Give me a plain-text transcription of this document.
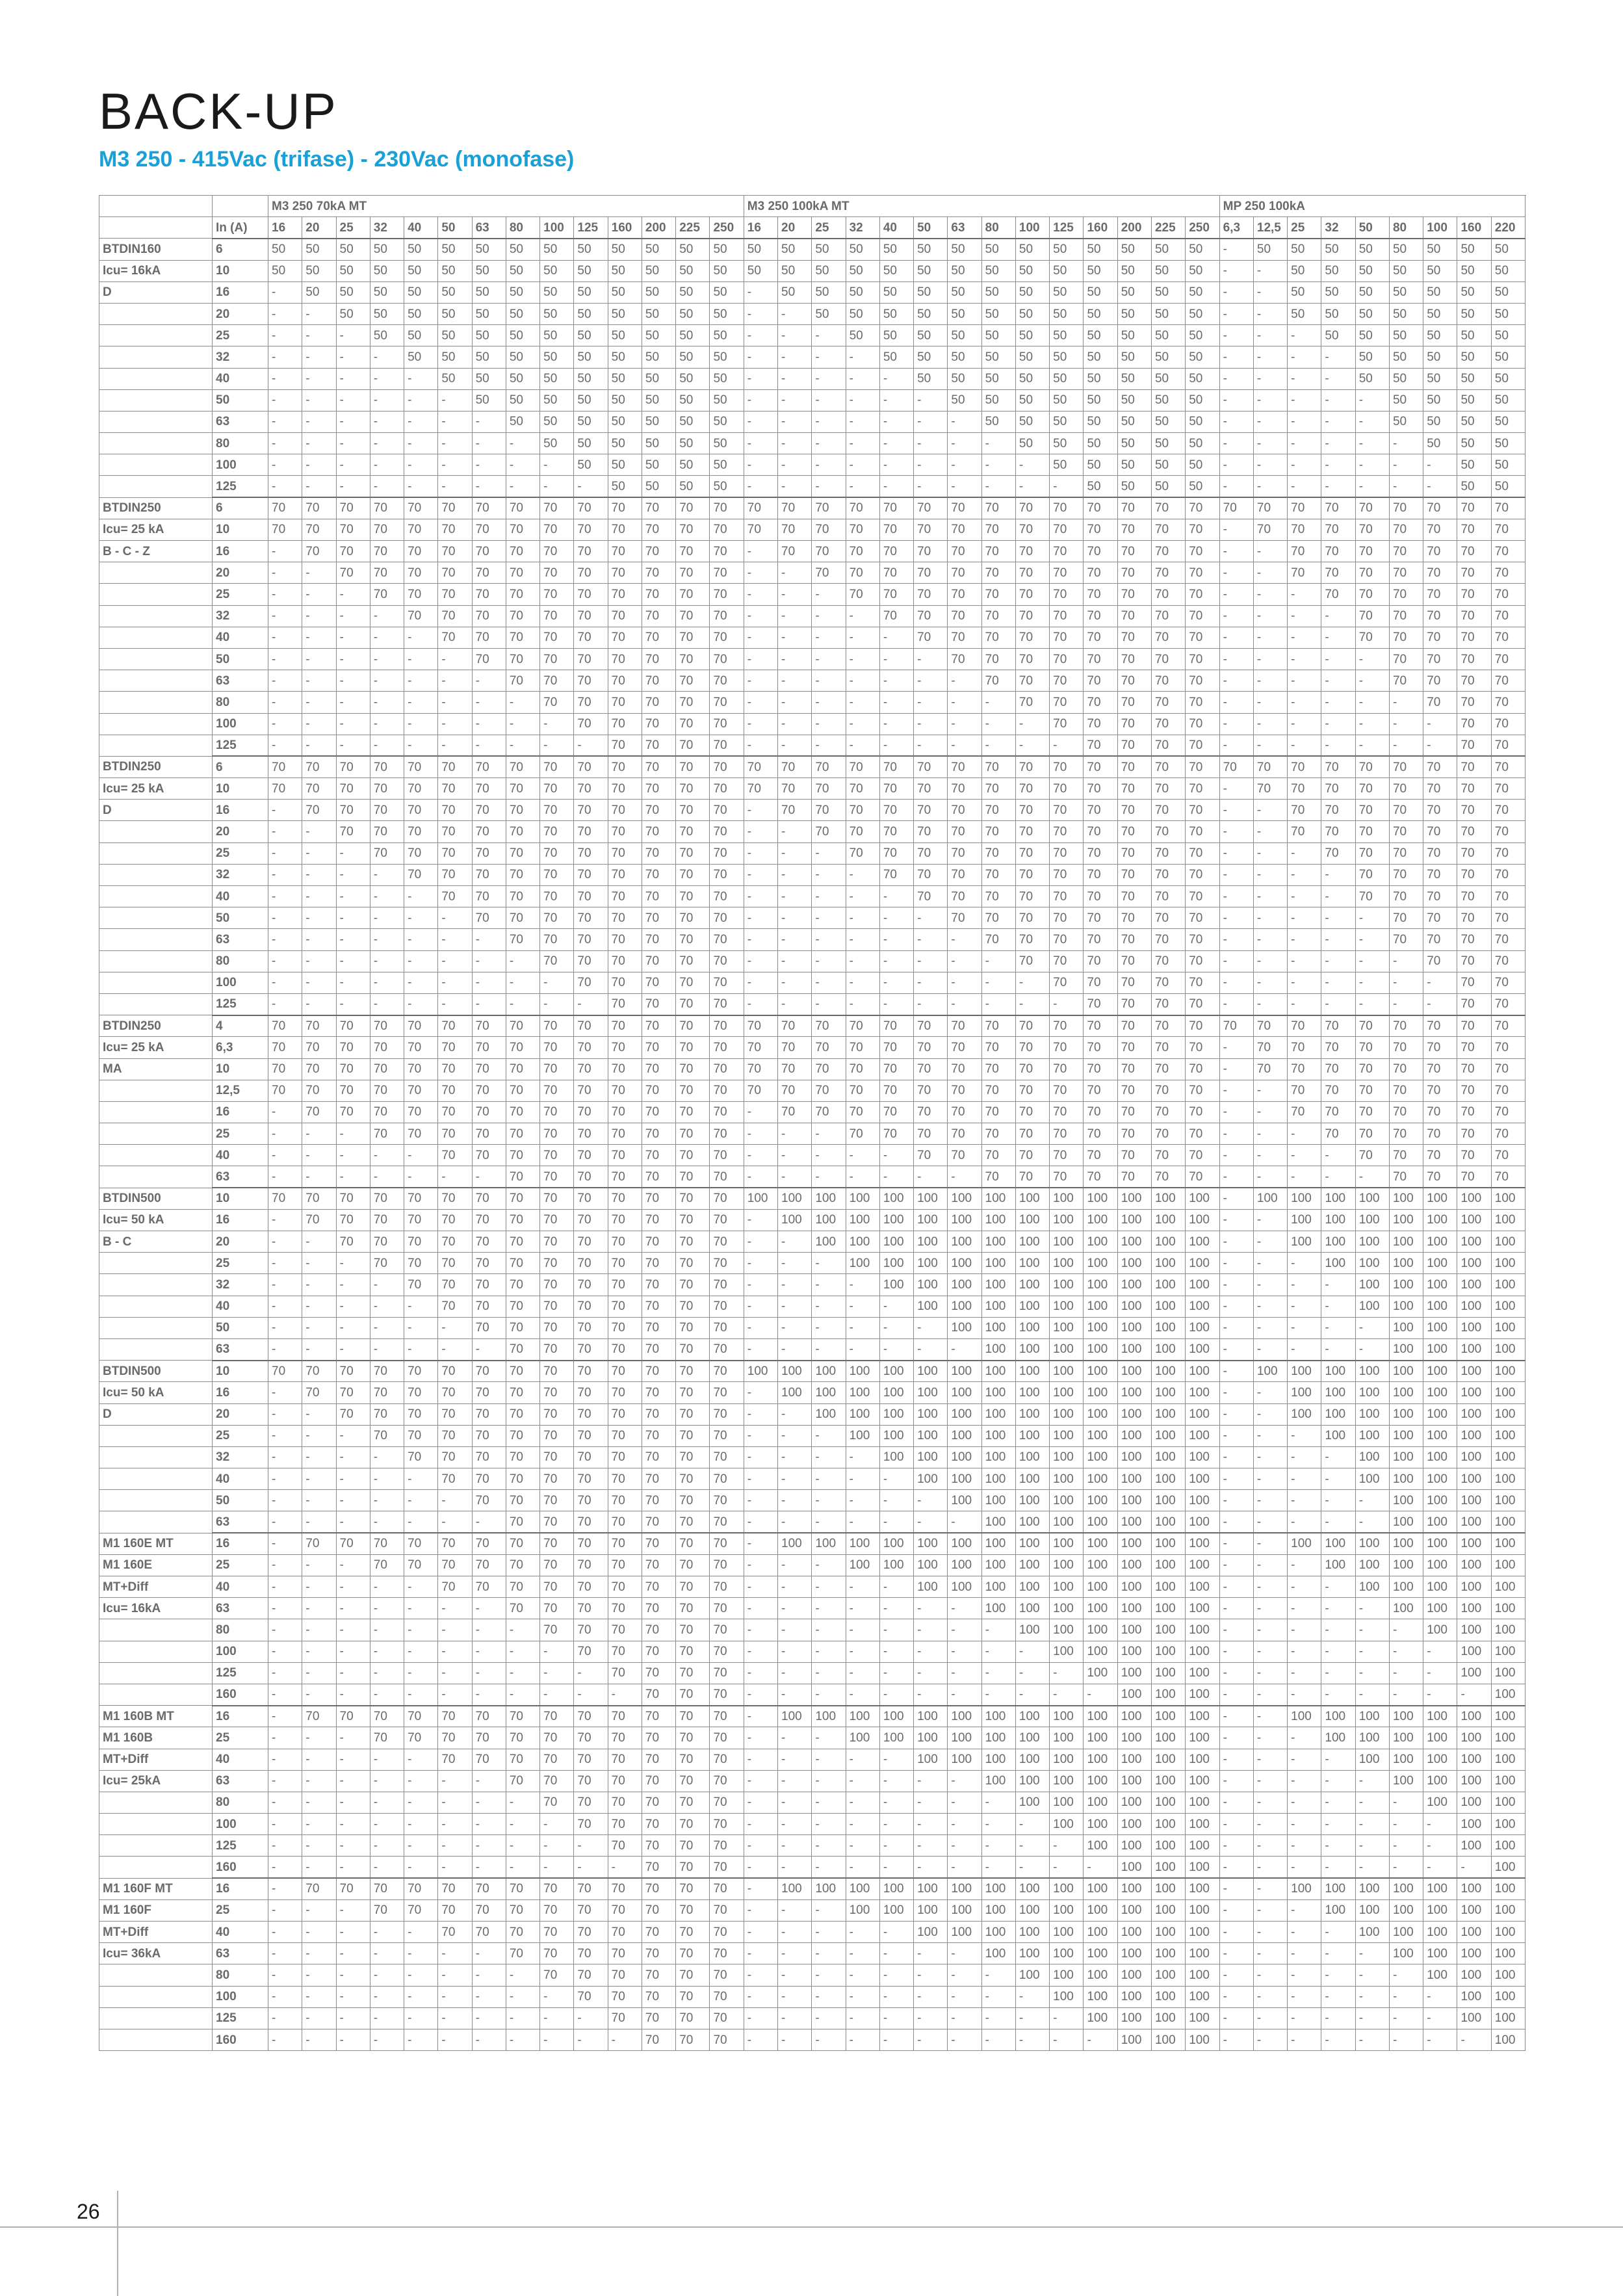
BACK-UP
M3 250 - 415Vac (trifase) - 230Vac (monofase)
		M3 250 70kA MT														M3 250 100kA MT														MP 250 100kA									
	In (A)	16	20	25	32	40	50	63	80	100	125	160	200	225	250	16	20	25	32	40	50	63	80	100	125	160	200	225	250	6,3	12,5	25	32	50	80	100	160	220	
BTDIN160	6	50	50	50	50	50	50	50	50	50	50	50	50	50	50	50	50	50	50	50	50	50	50	50	50	50	50	50	50	-	50	50	50	50	50	50	50	50	
Icu= 16kA	10	50	50	50	50	50	50	50	50	50	50	50	50	50	50	50	50	50	50	50	50	50	50	50	50	50	50	50	50	-	-	50	50	50	50	50	50	50	
D	16	-	50	50	50	50	50	50	50	50	50	50	50	50	50	-	50	50	50	50	50	50	50	50	50	50	50	50	50	-	-	50	50	50	50	50	50	50	
	20	-	-	50	50	50	50	50	50	50	50	50	50	50	50	-	-	50	50	50	50	50	50	50	50	50	50	50	50	-	-	50	50	50	50	50	50	50	
	25	-	-	-	50	50	50	50	50	50	50	50	50	50	50	-	-	-	50	50	50	50	50	50	50	50	50	50	50	-	-	-	50	50	50	50	50	50	
	32	-	-	-	-	50	50	50	50	50	50	50	50	50	50	-	-	-	-	50	50	50	50	50	50	50	50	50	50	-	-	-	-	50	50	50	50	50	
	40	-	-	-	-	-	50	50	50	50	50	50	50	50	50	-	-	-	-	-	50	50	50	50	50	50	50	50	50	-	-	-	-	50	50	50	50	50	
	50	-	-	-	-	-	-	50	50	50	50	50	50	50	50	-	-	-	-	-	-	50	50	50	50	50	50	50	50	-	-	-	-	-	50	50	50	50	
	63	-	-	-	-	-	-	-	50	50	50	50	50	50	50	-	-	-	-	-	-	-	50	50	50	50	50	50	50	-	-	-	-	-	50	50	50	50	
	80	-	-	-	-	-	-	-	-	50	50	50	50	50	50	-	-	-	-	-	-	-	-	50	50	50	50	50	50	-	-	-	-	-	-	50	50	50	
	100	-	-	-	-	-	-	-	-	-	50	50	50	50	50	-	-	-	-	-	-	-	-	-	50	50	50	50	50	-	-	-	-	-	-	-	50	50	
	125	-	-	-	-	-	-	-	-	-	-	50	50	50	50	-	-	-	-	-	-	-	-	-	-	50	50	50	50	-	-	-	-	-	-	-	50	50	
BTDIN250	6	70	70	70	70	70	70	70	70	70	70	70	70	70	70	70	70	70	70	70	70	70	70	70	70	70	70	70	70	70	70	70	70	70	70	70	70	70	
Icu= 25 kA	10	70	70	70	70	70	70	70	70	70	70	70	70	70	70	70	70	70	70	70	70	70	70	70	70	70	70	70	70	-	70	70	70	70	70	70	70	70	
B - C - Z	16	-	70	70	70	70	70	70	70	70	70	70	70	70	70	-	70	70	70	70	70	70	70	70	70	70	70	70	70	-	-	70	70	70	70	70	70	70	
	20	-	-	70	70	70	70	70	70	70	70	70	70	70	70	-	-	70	70	70	70	70	70	70	70	70	70	70	70	-	-	70	70	70	70	70	70	70	
	25	-	-	-	70	70	70	70	70	70	70	70	70	70	70	-	-	-	70	70	70	70	70	70	70	70	70	70	70	-	-	-	70	70	70	70	70	70	
	32	-	-	-	-	70	70	70	70	70	70	70	70	70	70	-	-	-	-	70	70	70	70	70	70	70	70	70	70	-	-	-	-	70	70	70	70	70	
	40	-	-	-	-	-	70	70	70	70	70	70	70	70	70	-	-	-	-	-	70	70	70	70	70	70	70	70	70	-	-	-	-	70	70	70	70	70	
	50	-	-	-	-	-	-	70	70	70	70	70	70	70	70	-	-	-	-	-	-	70	70	70	70	70	70	70	70	-	-	-	-	-	70	70	70	70	
	63	-	-	-	-	-	-	-	70	70	70	70	70	70	70	-	-	-	-	-	-	-	70	70	70	70	70	70	70	-	-	-	-	-	70	70	70	70	
	80	-	-	-	-	-	-	-	-	70	70	70	70	70	70	-	-	-	-	-	-	-	-	70	70	70	70	70	70	-	-	-	-	-	-	70	70	70	
	100	-	-	-	-	-	-	-	-	-	70	70	70	70	70	-	-	-	-	-	-	-	-	-	70	70	70	70	70	-	-	-	-	-	-	-	70	70	
	125	-	-	-	-	-	-	-	-	-	-	70	70	70	70	-	-	-	-	-	-	-	-	-	-	70	70	70	70	-	-	-	-	-	-	-	70	70	
BTDIN250	6	70	70	70	70	70	70	70	70	70	70	70	70	70	70	70	70	70	70	70	70	70	70	70	70	70	70	70	70	70	70	70	70	70	70	70	70	70	
Icu= 25 kA	10	70	70	70	70	70	70	70	70	70	70	70	70	70	70	70	70	70	70	70	70	70	70	70	70	70	70	70	70	-	70	70	70	70	70	70	70	70	
D	16	-	70	70	70	70	70	70	70	70	70	70	70	70	70	-	70	70	70	70	70	70	70	70	70	70	70	70	70	-	-	70	70	70	70	70	70	70	
	20	-	-	70	70	70	70	70	70	70	70	70	70	70	70	-	-	70	70	70	70	70	70	70	70	70	70	70	70	-	-	70	70	70	70	70	70	70	
	25	-	-	-	70	70	70	70	70	70	70	70	70	70	70	-	-	-	70	70	70	70	70	70	70	70	70	70	70	-	-	-	70	70	70	70	70	70	
	32	-	-	-	-	70	70	70	70	70	70	70	70	70	70	-	-	-	-	70	70	70	70	70	70	70	70	70	70	-	-	-	-	70	70	70	70	70	
	40	-	-	-	-	-	70	70	70	70	70	70	70	70	70	-	-	-	-	-	70	70	70	70	70	70	70	70	70	-	-	-	-	70	70	70	70	70	
	50	-	-	-	-	-	-	70	70	70	70	70	70	70	70	-	-	-	-	-	-	70	70	70	70	70	70	70	70	-	-	-	-	-	70	70	70	70	
	63	-	-	-	-	-	-	-	70	70	70	70	70	70	70	-	-	-	-	-	-	-	70	70	70	70	70	70	70	-	-	-	-	-	70	70	70	70	
	80	-	-	-	-	-	-	-	-	70	70	70	70	70	70	-	-	-	-	-	-	-	-	70	70	70	70	70	70	-	-	-	-	-	-	70	70	70	
	100	-	-	-	-	-	-	-	-	-	70	70	70	70	70	-	-	-	-	-	-	-	-	-	70	70	70	70	70	-	-	-	-	-	-	-	70	70	
	125	-	-	-	-	-	-	-	-	-	-	70	70	70	70	-	-	-	-	-	-	-	-	-	-	70	70	70	70	-	-	-	-	-	-	-	70	70	
BTDIN250	4	70	70	70	70	70	70	70	70	70	70	70	70	70	70	70	70	70	70	70	70	70	70	70	70	70	70	70	70	70	70	70	70	70	70	70	70	70	
Icu= 25 kA	6,3	70	70	70	70	70	70	70	70	70	70	70	70	70	70	70	70	70	70	70	70	70	70	70	70	70	70	70	70	-	70	70	70	70	70	70	70	70	
MA	10	70	70	70	70	70	70	70	70	70	70	70	70	70	70	70	70	70	70	70	70	70	70	70	70	70	70	70	70	-	70	70	70	70	70	70	70	70	
	12,5	70	70	70	70	70	70	70	70	70	70	70	70	70	70	70	70	70	70	70	70	70	70	70	70	70	70	70	70	-	-	70	70	70	70	70	70	70	
	16	-	70	70	70	70	70	70	70	70	70	70	70	70	70	-	70	70	70	70	70	70	70	70	70	70	70	70	70	-	-	70	70	70	70	70	70	70	
	25	-	-	-	70	70	70	70	70	70	70	70	70	70	70	-	-	-	70	70	70	70	70	70	70	70	70	70	70	-	-	-	70	70	70	70	70	70	
	40	-	-	-	-	-	70	70	70	70	70	70	70	70	70	-	-	-	-	-	70	70	70	70	70	70	70	70	70	-	-	-	-	70	70	70	70	70	
	63	-	-	-	-	-	-	-	70	70	70	70	70	70	70	-	-	-	-	-	-	-	70	70	70	70	70	70	70	-	-	-	-	-	70	70	70	70	
BTDIN500	10	70	70	70	70	70	70	70	70	70	70	70	70	70	70	100	100	100	100	100	100	100	100	100	100	100	100	100	100	-	100	100	100	100	100	100	100	100	
Icu= 50 kA	16	-	70	70	70	70	70	70	70	70	70	70	70	70	70	-	100	100	100	100	100	100	100	100	100	100	100	100	100	-	-	100	100	100	100	100	100	100	
B - C	20	-	-	70	70	70	70	70	70	70	70	70	70	70	70	-	-	100	100	100	100	100	100	100	100	100	100	100	100	-	-	100	100	100	100	100	100	100	
	25	-	-	-	70	70	70	70	70	70	70	70	70	70	70	-	-	-	100	100	100	100	100	100	100	100	100	100	100	-	-	-	100	100	100	100	100	100	
	32	-	-	-	-	70	70	70	70	70	70	70	70	70	70	-	-	-	-	100	100	100	100	100	100	100	100	100	100	-	-	-	-	100	100	100	100	100	
	40	-	-	-	-	-	70	70	70	70	70	70	70	70	70	-	-	-	-	-	100	100	100	100	100	100	100	100	100	-	-	-	-	100	100	100	100	100	
	50	-	-	-	-	-	-	70	70	70	70	70	70	70	70	-	-	-	-	-	-	100	100	100	100	100	100	100	100	-	-	-	-	-	100	100	100	100	
	63	-	-	-	-	-	-	-	70	70	70	70	70	70	70	-	-	-	-	-	-	-	100	100	100	100	100	100	100	-	-	-	-	-	100	100	100	100	
BTDIN500	10	70	70	70	70	70	70	70	70	70	70	70	70	70	70	100	100	100	100	100	100	100	100	100	100	100	100	100	100	-	100	100	100	100	100	100	100	100	
Icu= 50 kA	16	-	70	70	70	70	70	70	70	70	70	70	70	70	70	-	100	100	100	100	100	100	100	100	100	100	100	100	100	-	-	100	100	100	100	100	100	100	
D	20	-	-	70	70	70	70	70	70	70	70	70	70	70	70	-	-	100	100	100	100	100	100	100	100	100	100	100	100	-	-	100	100	100	100	100	100	100	
	25	-	-	-	70	70	70	70	70	70	70	70	70	70	70	-	-	-	100	100	100	100	100	100	100	100	100	100	100	-	-	-	100	100	100	100	100	100	
	32	-	-	-	-	70	70	70	70	70	70	70	70	70	70	-	-	-	-	100	100	100	100	100	100	100	100	100	100	-	-	-	-	100	100	100	100	100	
	40	-	-	-	-	-	70	70	70	70	70	70	70	70	70	-	-	-	-	-	100	100	100	100	100	100	100	100	100	-	-	-	-	100	100	100	100	100	
	50	-	-	-	-	-	-	70	70	70	70	70	70	70	70	-	-	-	-	-	-	100	100	100	100	100	100	100	100	-	-	-	-	-	100	100	100	100	
	63	-	-	-	-	-	-	-	70	70	70	70	70	70	70	-	-	-	-	-	-	-	100	100	100	100	100	100	100	-	-	-	-	-	100	100	100	100	
M1 160E MT	16	-	70	70	70	70	70	70	70	70	70	70	70	70	70	-	100	100	100	100	100	100	100	100	100	100	100	100	100	-	-	100	100	100	100	100	100	100	
M1 160E	25	-	-	-	70	70	70	70	70	70	70	70	70	70	70	-	-	-	100	100	100	100	100	100	100	100	100	100	100	-	-	-	100	100	100	100	100	100	
MT+Diff	40	-	-	-	-	-	70	70	70	70	70	70	70	70	70	-	-	-	-	-	100	100	100	100	100	100	100	100	100	-	-	-	-	100	100	100	100	100	
Icu= 16kA	63	-	-	-	-	-	-	-	70	70	70	70	70	70	70	-	-	-	-	-	-	-	100	100	100	100	100	100	100	-	-	-	-	-	100	100	100	100	
	80	-	-	-	-	-	-	-	-	70	70	70	70	70	70	-	-	-	-	-	-	-	-	100	100	100	100	100	100	-	-	-	-	-	-	100	100	100	
	100	-	-	-	-	-	-	-	-	-	70	70	70	70	70	-	-	-	-	-	-	-	-	-	100	100	100	100	100	-	-	-	-	-	-	-	100	100	
	125	-	-	-	-	-	-	-	-	-	-	70	70	70	70	-	-	-	-	-	-	-	-	-	-	100	100	100	100	-	-	-	-	-	-	-	100	100	
	160	-	-	-	-	-	-	-	-	-	-	-	70	70	70	-	-	-	-	-	-	-	-	-	-	-	100	100	100	-	-	-	-	-	-	-	-	100	
M1 160B MT	16	-	70	70	70	70	70	70	70	70	70	70	70	70	70	-	100	100	100	100	100	100	100	100	100	100	100	100	100	-	-	100	100	100	100	100	100	100	
M1 160B	25	-	-	-	70	70	70	70	70	70	70	70	70	70	70	-	-	-	100	100	100	100	100	100	100	100	100	100	100	-	-	-	100	100	100	100	100	100	
MT+Diff	40	-	-	-	-	-	70	70	70	70	70	70	70	70	70	-	-	-	-	-	100	100	100	100	100	100	100	100	100	-	-	-	-	100	100	100	100	100	
Icu= 25kA	63	-	-	-	-	-	-	-	70	70	70	70	70	70	70	-	-	-	-	-	-	-	100	100	100	100	100	100	100	-	-	-	-	-	100	100	100	100	
	80	-	-	-	-	-	-	-	-	70	70	70	70	70	70	-	-	-	-	-	-	-	-	100	100	100	100	100	100	-	-	-	-	-	-	100	100	100	
	100	-	-	-	-	-	-	-	-	-	70	70	70	70	70	-	-	-	-	-	-	-	-	-	100	100	100	100	100	-	-	-	-	-	-	-	100	100	
	125	-	-	-	-	-	-	-	-	-	-	70	70	70	70	-	-	-	-	-	-	-	-	-	-	100	100	100	100	-	-	-	-	-	-	-	100	100	
	160	-	-	-	-	-	-	-	-	-	-	-	70	70	70	-	-	-	-	-	-	-	-	-	-	-	100	100	100	-	-	-	-	-	-	-	-	100	
M1 160F MT	16	-	70	70	70	70	70	70	70	70	70	70	70	70	70	-	100	100	100	100	100	100	100	100	100	100	100	100	100	-	-	100	100	100	100	100	100	100	
M1 160F	25	-	-	-	70	70	70	70	70	70	70	70	70	70	70	-	-	-	100	100	100	100	100	100	100	100	100	100	100	-	-	-	100	100	100	100	100	100	
MT+Diff	40	-	-	-	-	-	70	70	70	70	70	70	70	70	70	-	-	-	-	-	100	100	100	100	100	100	100	100	100	-	-	-	-	100	100	100	100	100	
Icu= 36kA	63	-	-	-	-	-	-	-	70	70	70	70	70	70	70	-	-	-	-	-	-	-	100	100	100	100	100	100	100	-	-	-	-	-	100	100	100	100	
	80	-	-	-	-	-	-	-	-	70	70	70	70	70	70	-	-	-	-	-	-	-	-	100	100	100	100	100	100	-	-	-	-	-	-	100	100	100	
	100	-	-	-	-	-	-	-	-	-	70	70	70	70	70	-	-	-	-	-	-	-	-	-	100	100	100	100	100	-	-	-	-	-	-	-	100	100	
	125	-	-	-	-	-	-	-	-	-	-	70	70	70	70	-	-	-	-	-	-	-	-	-	-	100	100	100	100	-	-	-	-	-	-	-	100	100	
	160	-	-	-	-	-	-	-	-	-	-	-	70	70	70	-	-	-	-	-	-	-	-	-	-	-	100	100	100	-	-	-	-	-	-	-	-	100	
26
